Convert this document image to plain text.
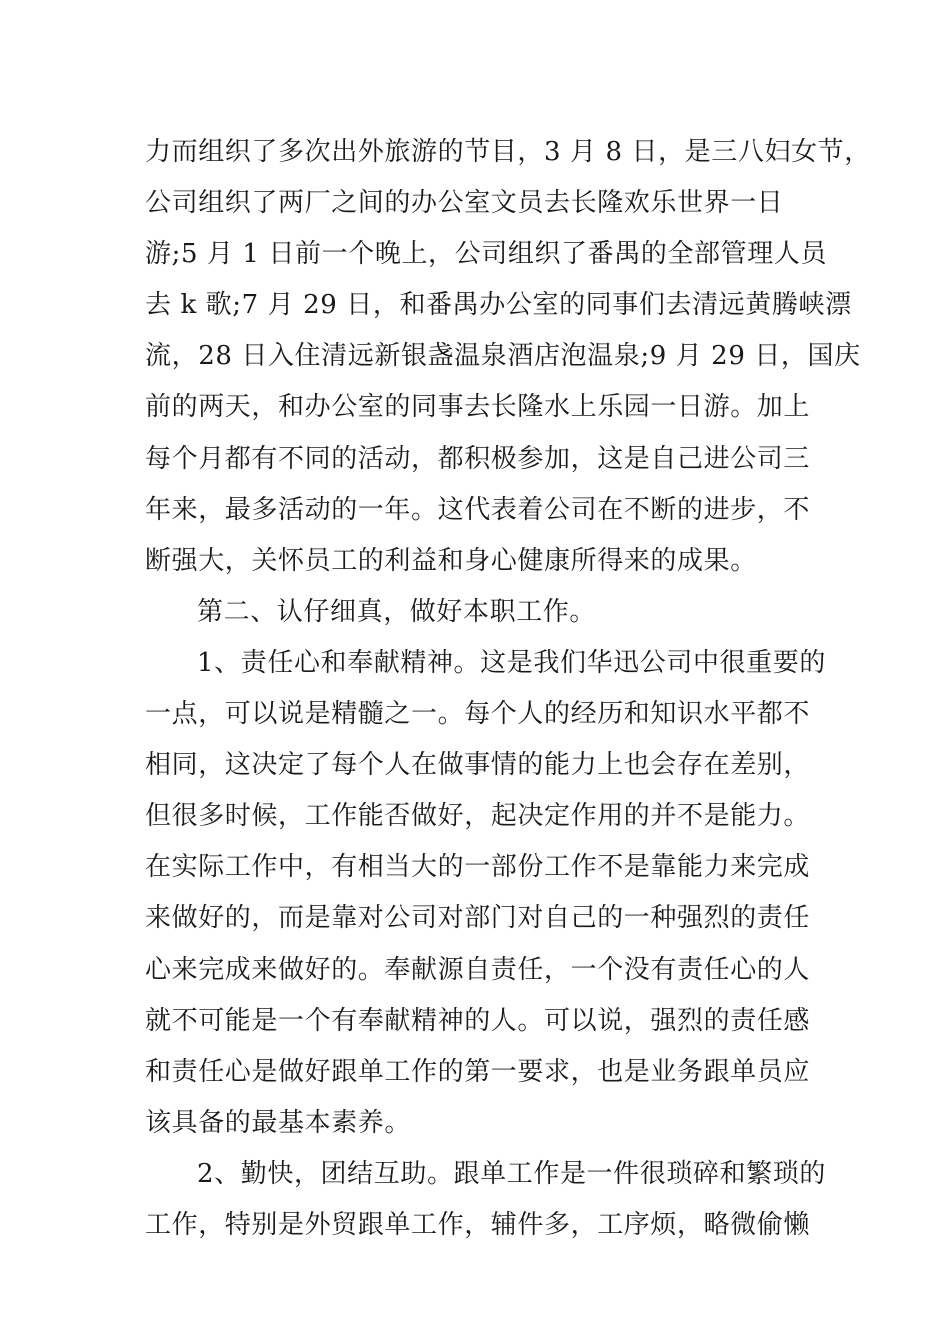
力而组织了多次出外旅游的节目，3 月 8 日，是三八妇女节，
公司组织了两厂之间的办公室文员去长隆欢乐世界一日
游;5 月 1 日前一个晚上，公司组织了番禺的全部管理人员
去 k 歌;7 月 29 日，和番禺办公室的同事们去清远黄腾峡漂
流，28 日入住清远新银盏温泉酒店泡温泉;9 月 29 日，国庆
前的两天，和办公室的同事去长隆水上乐园一日游。加上
每个月都有不同的活动，都积极参加，这是自己进公司三
年来，最多活动的一年。这代表着公司在不断的进步，不
断强大，关怀员工的利益和身心健康所得来的成果。
第二、认仔细真，做好本职工作。
1、责任心和奉献精神。这是我们华迅公司中很重要的
一点，可以说是精髓之一。每个人的经历和知识水平都不
相同，这决定了每个人在做事情的能力上也会存在差别，
但很多时候，工作能否做好，起决定作用的并不是能力。
在实际工作中，有相当大的一部份工作不是靠能力来完成
来做好的，而是靠对公司对部门对自己的一种强烈的责任
心来完成来做好的。奉献源自责任，一个没有责任心的人
就不可能是一个有奉献精神的人。可以说，强烈的责任感
和责任心是做好跟单工作的第一要求，也是业务跟单员应
该具备的最基本素养。
2、勤快，团结互助。跟单工作是一件很琐碎和繁琐的
工作，特别是外贸跟单工作，辅件多，工序烦，略微偷懒
